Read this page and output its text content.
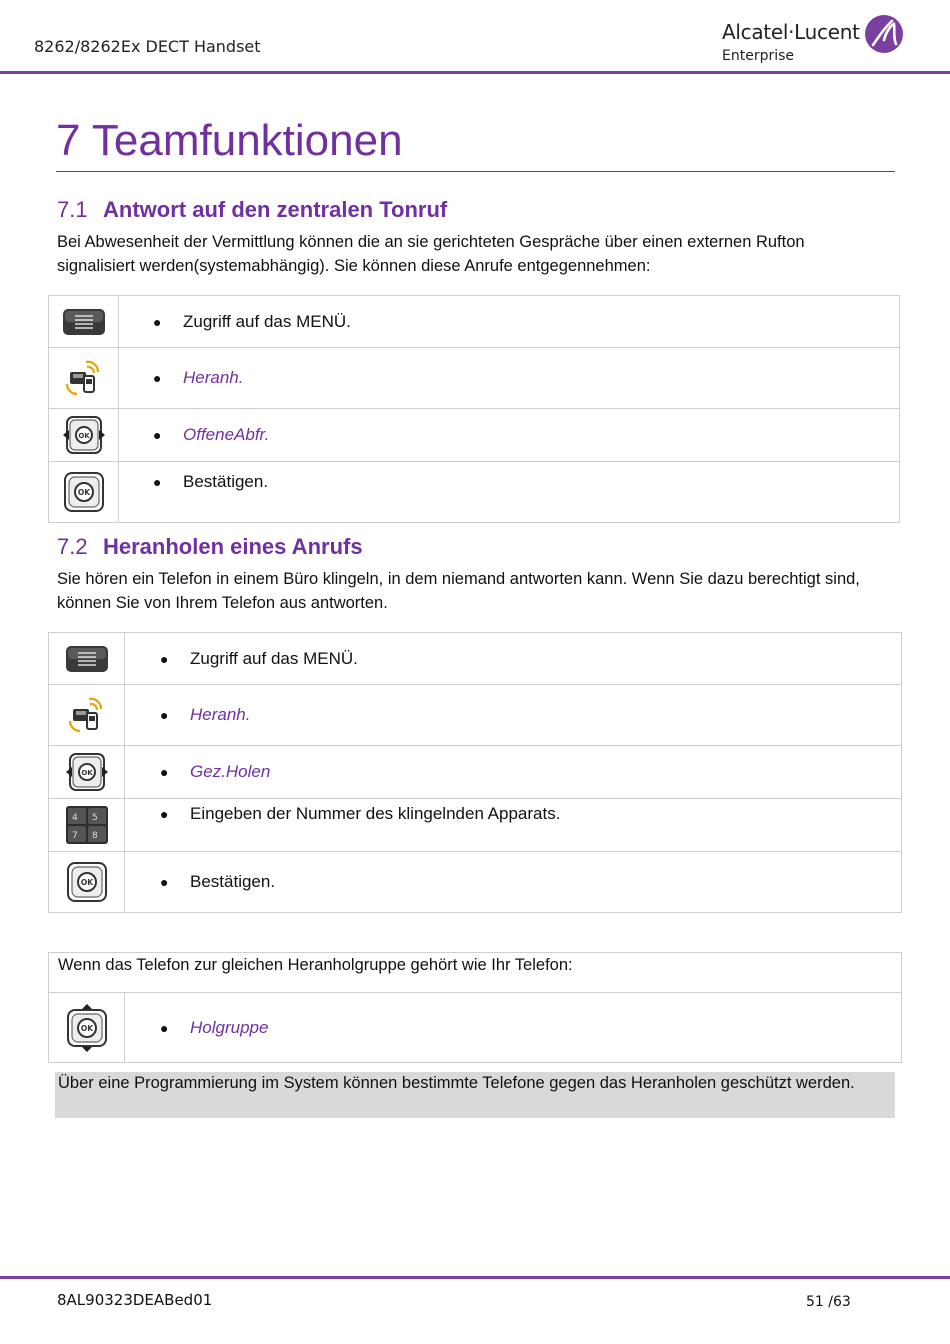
8262/8262Ex DECT Handset
Alcatel·Lucent
Enterprise
7 Teamfunktionen
7.1 Antwort auf den zentralen Tonruf
Bei Abwesenheit der Vermittlung können die an sie gerichteten Gespräche über einen externen Rufton signalisiert werden(systemabhängig). Sie können diese Anrufe entgegennehmen:
	● Zugriff auf das MENÜ.
	● Heranh.

OK	● OffeneAbfr.

OK	● Bestätigen.
7.2 Heranholen eines Anrufs
Sie hören ein Telefon in einem Büro klingeln, in dem niemand antworten kann. Wenn Sie dazu berechtigt sind, können Sie von Ihrem Telefon aus antworten.
	● Zugriff auf das MENÜ.
	● Heranh.

OK	● Gez.Holen

4 5
7 8	● Eingeben der Nummer des klingelnden Apparats.

OK	● Bestätigen.
Wenn das Telefon zur gleichen Heranholgruppe gehört wie Ihr Telefon:

OK	● Holgruppe
Über eine Programmierung im System können bestimmte Telefone gegen das Heranholen geschützt werden.
8AL90323DEABed01	51 /63
